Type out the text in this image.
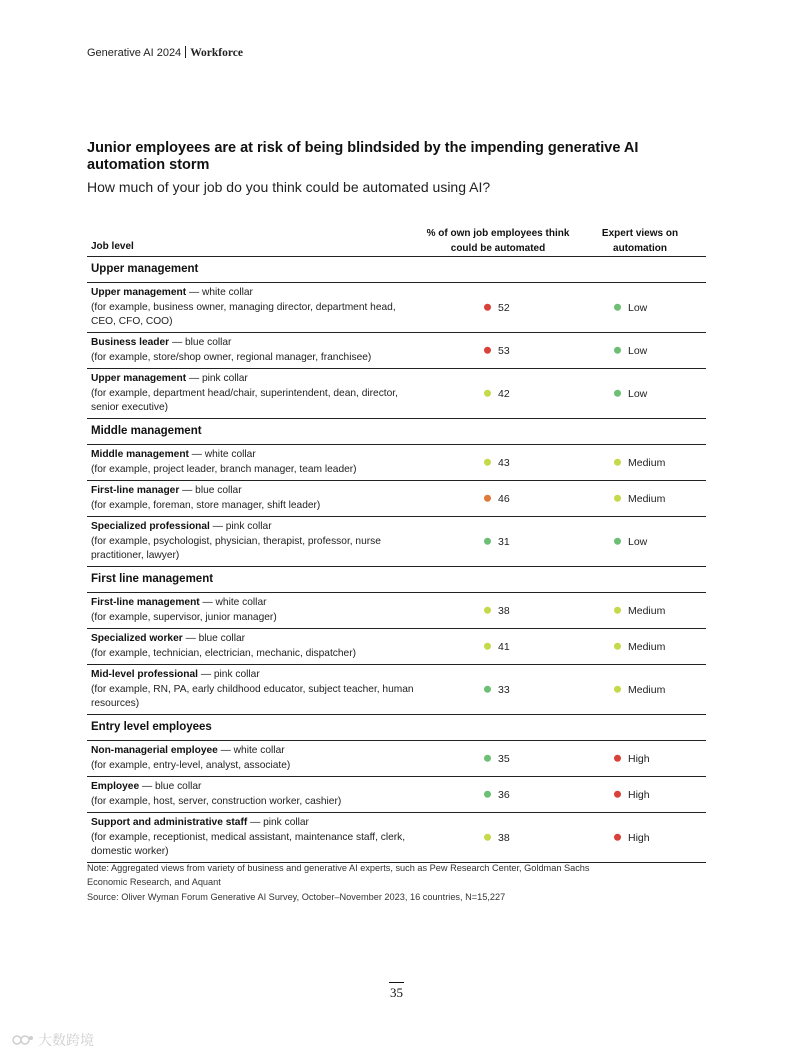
Generative AI 2024 Workforce
Junior employees are at risk of being blindsided by the impending generative AI automation storm
How much of your job do you think could be automated using AI?
Job level
% of own job employees think could be automated
Expert views on automation
Upper management
Upper management — white collar
(for example, business owner, managing director, department head, CEO, CFO, COO)
52	Low
Business leader — blue collar
(for example, store/shop owner, regional manager, franchisee)
53	Low
Upper management — pink collar
(for example, department head/chair, superintendent, dean, director, senior executive)
42	Low
Middle management
Middle management — white collar
(for example, project leader, branch manager, team leader)
43	Medium
First-line manager — blue collar
(for example, foreman, store manager, shift leader)
46	Medium
Specialized professional — pink collar
(for example, psychologist, physician, therapist, professor, nurse practitioner, lawyer)
31	Low
First line management
First-line management — white collar
(for example, supervisor, junior manager)
38	Medium
Specialized worker — blue collar
(for example, technician, electrician, mechanic, dispatcher)
41	Medium
Mid-level professional — pink collar
(for example, RN, PA, early childhood educator, subject teacher, human resources)
33	Medium
Entry level employees
Non-managerial employee — white collar
(for example, entry-level, analyst, associate)
35	High
Employee — blue collar
(for example, host, server, construction worker, cashier)
36	High
Support and administrative staff — pink collar
(for example, receptionist, medical assistant, maintenance staff, clerk, domestic worker)
38	High
Note: Aggregated views from variety of business and generative AI experts, such as Pew Research Center, Goldman Sachs Economic Research, and Aquant
Source: Oliver Wyman Forum Generative AI Survey, October–November 2023, 16 countries, N=15,227
35
大数跨境
